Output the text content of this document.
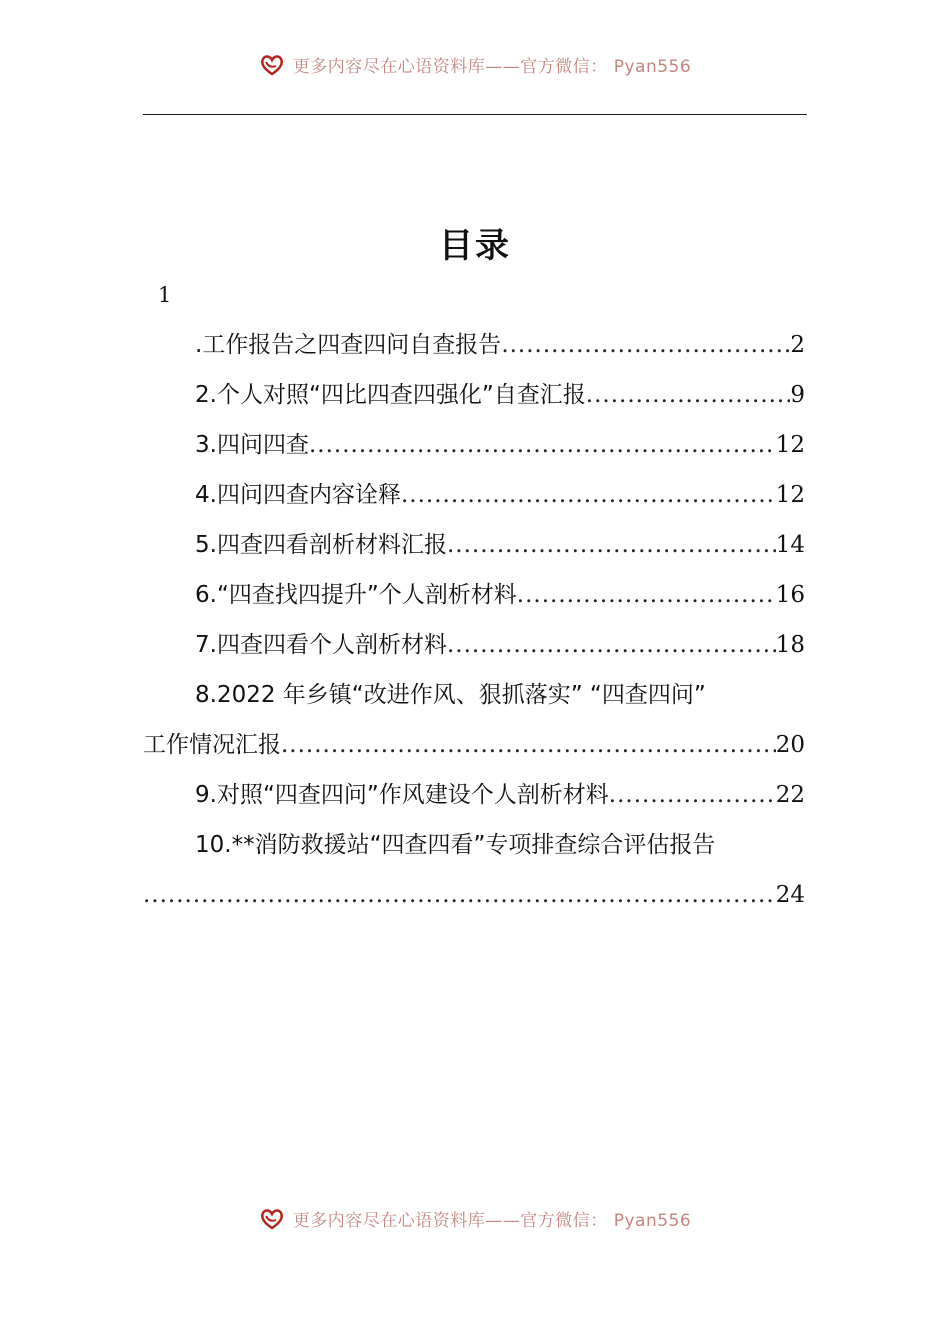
更多内容尽在心语资料库——官方微信： Pyan556
目录
1
.工作报告之四查四问自查报告 .....	2
2.个人对照“四比四查四强化”自查汇报 .....	9
3.四问四查 .....	12
4.四问四查内容诠释 .....	12
5.四查四看剖析材料汇报 .....	14
6.“四查找四提升”个人剖析材料 .....	16
7.四查四看个人剖析材料 .....	18
8.2022 年乡镇“改进作风、狠抓落实” “四查四问”
工作情况汇报 .....	20
9.对照“四查四问”作风建设个人剖析材料 .....	22
10.**消防救援站“四查四看”专项排查综合评估报告
.....
24
更多内容尽在心语资料库——官方微信： Pyan556
